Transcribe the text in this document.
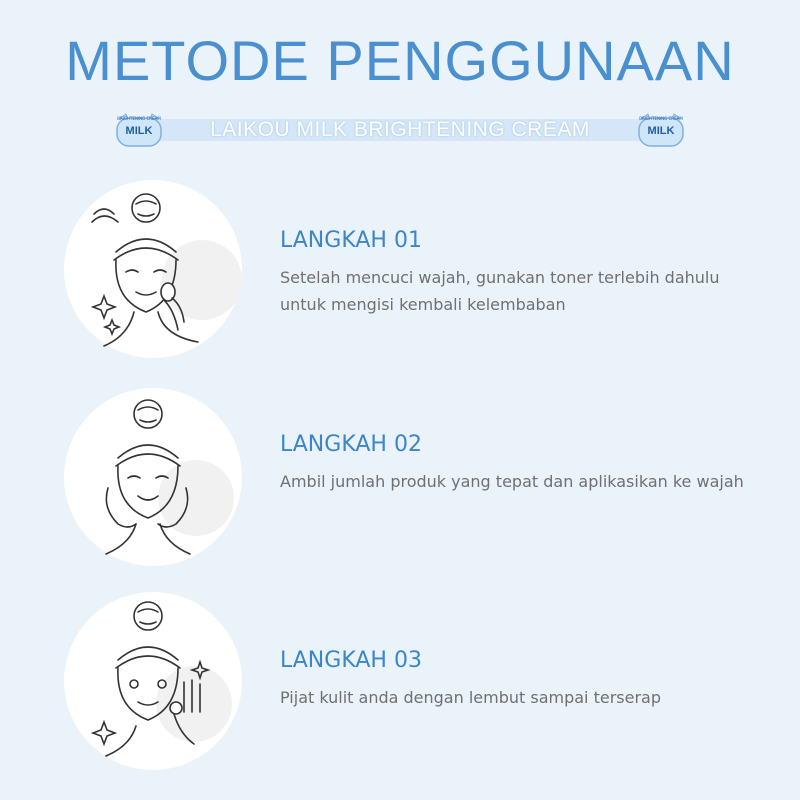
METODE PENGGUNAAN
BRIGHTENING CREAM
MILK	LAIKOU MILK BRIGHTENING CREAM	BRIGHTENING CREAM
MILK
LANGKAH 01
Setelah mencuci wajah, gunakan toner terlebih dahulu untuk mengisi kembali kelembaban
LANGKAH 02
Ambil jumlah produk yang tepat dan aplikasikan ke wajah
LANGKAH 03
Pijat kulit anda dengan lembut sampai terserap
